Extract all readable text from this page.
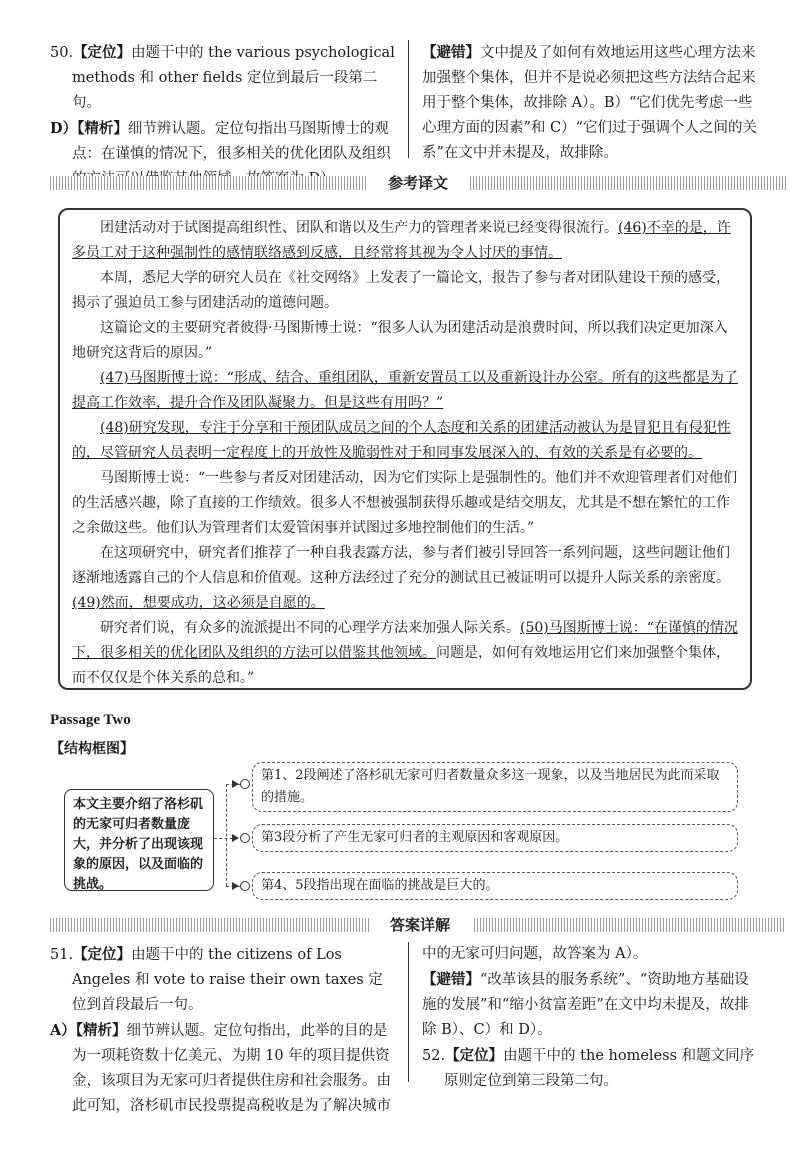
50.【定位】由题干中的 the various psychological methods 和 other fields 定位到最后一段第二句。

D）【精析】细节辨认题。定位句指出马图斯博士的观点：在谨慎的情况下，很多相关的优化团队及组织

【避错】文中提及了如何有效地运用这些心理方法来加强整个集体，但并不是说必须把这些方法结合起来用于整个集体，故排除 A）。B）“它们优先考虑一些心理方面的因素”和 C）“它们过于强调个人之间的关系”在文中并未提及，故排除。

参考译文

团建活动对于试图提高组织性、团队和谐以及生产力的管理者来说已经变得很流行。(46)不幸的是，许多员工对于这种强制性的感情联络感到反感，且经常将其视为令人讨厌的事情。

本周，悉尼大学的研究人员在《社交网络》上发表了一篇论文，报告了参与者对团队建设干预的感受，揭示了强迫员工参与团建活动的道德问题。

这篇论文的主要研究者彼得·马图斯博士说：“很多人认为团建活动是浪费时间，所以我们决定更加深入地研究这背后的原因。”

(47)马图斯博士说：“形成、结合、重组团队，重新安置员工以及重新设计办公室。所有的这些都是为了提高工作效率，提升合作及团队凝聚力。但是这些有用吗？”

(48)研究发现，专注于分享和干预团队成员之间的个人态度和关系的团建活动被认为是冒犯且有侵犯性的，尽管研究人员表明一定程度上的开放性及脆弱性对于和同事发展深入的、有效的关系是有必要的。

马图斯博士说：“一些参与者反对团建活动，因为它们实际上是强制性的。他们并不欢迎管理者们对他们的生活感兴趣，除了直接的工作绩效。很多人不想被强制获得乐趣或是结交朋友，尤其是不想在繁忙的工作之余做这些。他们认为管理者们太爱管闲事并试图过多地控制他们的生活。”

在这项研究中，研究者们推荐了一种自我表露方法，参与者们被引导回答一系列问题，这些问题让他们逐渐地透露自己的个人信息和价值观。这种方法经过了充分的测试且已被证明可以提升人际关系的亲密度。(49)然而，想要成功，这必须是自愿的。

研究者们说，有众多的流派提出不同的心理学方法来加强人际关系。(50)马图斯博士说：“在谨慎的情况下，很多相关的优化团队及组织的方法可以借鉴其他领域。问题是，如何有效地运用它们来加强整个集体，而不仅仅是个体关系的总和。”

Passage Two
【结构框图】
本文主要介绍了洛杉矶的无家可归者数量庞大，并分析了出现该现象的原因，以及面临的挑战。
第1、2段阐述了洛杉矶无家可归者数量众多这一现象，以及当地居民为此而采取的措施。
第3段分析了产生无家可归者的主观原因和客观原因。
第4、5段指出现在面临的挑战是巨大的。
答案详解

51.【定位】由题干中的 the citizens of Los Angeles 和 vote to raise their own taxes 定位到首段最后一句。

A）【精析】细节辨认题。定位句指出，此举的目的是为一项耗资数十亿美元、为期 10 年的项目提供资金，该项目为无家可归者提供住房和社会服务。由此可知，洛杉矶市民投票提高税收是为了解决城市

中的无家可归问题，故答案为 A）。

【避错】“改革该县的服务系统”、“资助地方基础设施的发展”和“缩小贫富差距”在文中均未提及，故排除 B）、C）和 D）。

52.【定位】由题干中的 the homeless 和题文同序原则定位到第三段第二句。
